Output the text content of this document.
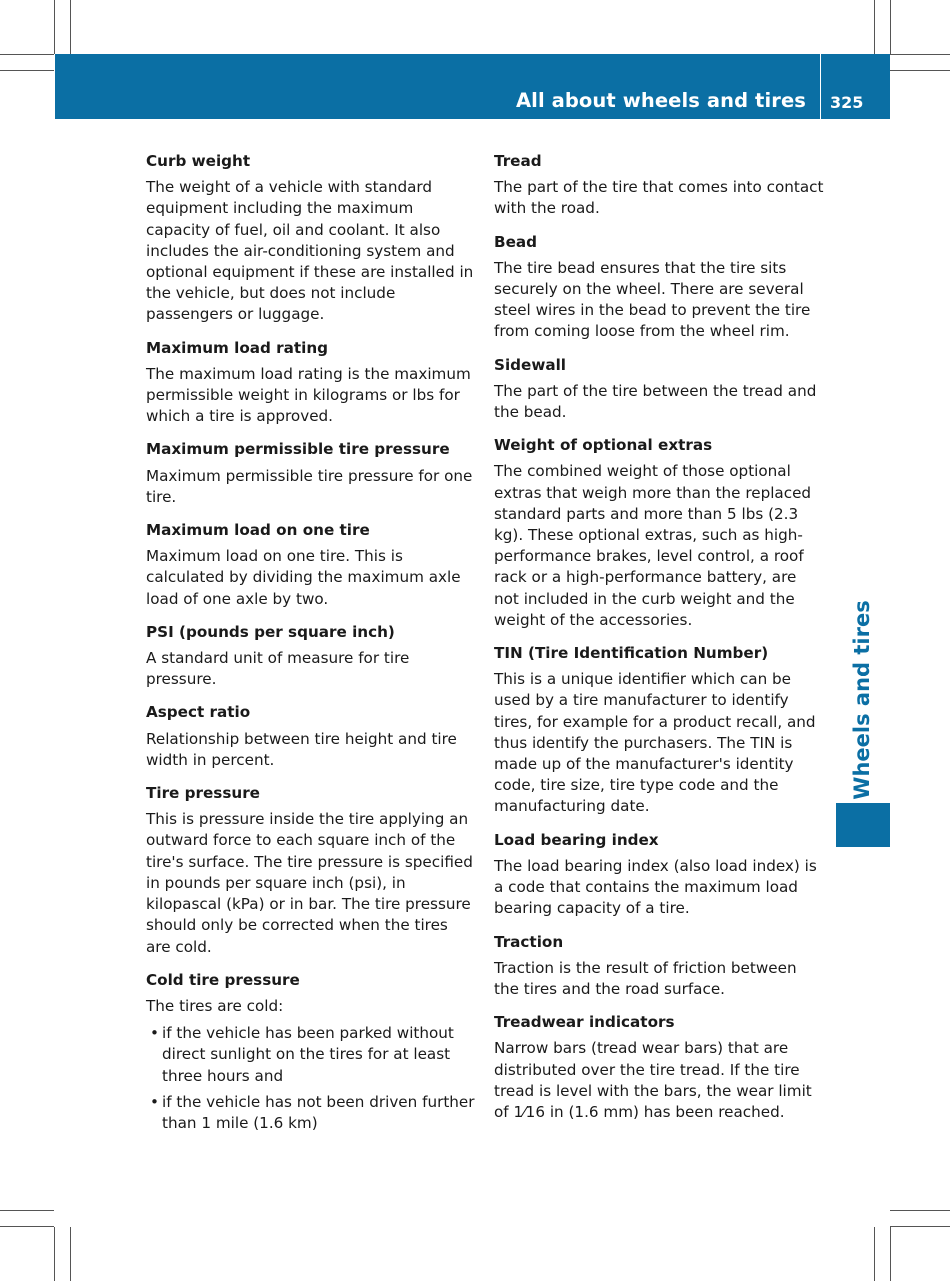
All about wheels and tires 325
Curb weight
The weight of a vehicle with standard equipment including the maximum capacity of fuel, oil and coolant. It also includes the air-conditioning system and optional equipment if these are installed in the vehicle, but does not include passengers or luggage.
Maximum load rating
The maximum load rating is the maximum permissible weight in kilograms or lbs for which a tire is approved.
Maximum permissible tire pressure
Maximum permissible tire pressure for one tire.
Maximum load on one tire
Maximum load on one tire. This is calculated by dividing the maximum axle load of one axle by two.
PSI (pounds per square inch)
A standard unit of measure for tire pressure.
Aspect ratio
Relationship between tire height and tire width in percent.
Tire pressure
This is pressure inside the tire applying an outward force to each square inch of the tire's surface. The tire pressure is specified in pounds per square inch (psi), in kilopascal (kPa) or in bar. The tire pressure should only be corrected when the tires are cold.
Cold tire pressure
The tires are cold:
• if the vehicle has been parked without direct sunlight on the tires for at least three hours and
• if the vehicle has not been driven further than 1 mile (1.6 km)
Tread
The part of the tire that comes into contact with the road.
Bead
The tire bead ensures that the tire sits securely on the wheel. There are several steel wires in the bead to prevent the tire from coming loose from the wheel rim.
Sidewall
The part of the tire between the tread and the bead.
Weight of optional extras
The combined weight of those optional extras that weigh more than the replaced standard parts and more than 5 lbs (2.3 kg). These optional extras, such as high-performance brakes, level control, a roof rack or a high-performance battery, are not included in the curb weight and the weight of the accessories.
TIN (Tire Identification Number)
This is a unique identifier which can be used by a tire manufacturer to identify tires, for example for a product recall, and thus identify the purchasers. The TIN is made up of the manufacturer's identity code, tire size, tire type code and the manufacturing date.
Load bearing index
The load bearing index (also load index) is a code that contains the maximum load bearing capacity of a tire.
Traction
Traction is the result of friction between the tires and the road surface.
Treadwear indicators
Narrow bars (tread wear bars) that are distributed over the tire tread. If the tire tread is level with the bars, the wear limit of 1⁄16 in (1.6 mm) has been reached.
Wheels and tires
